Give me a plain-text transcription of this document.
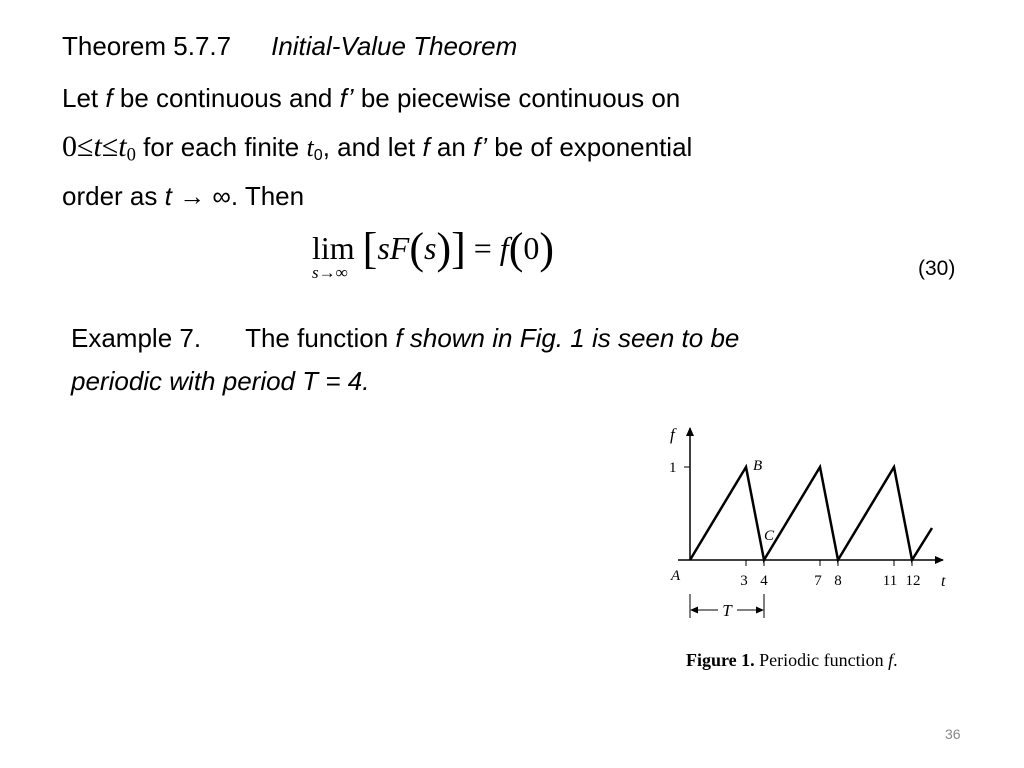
Theorem 5.7.7 Initial-Value Theorem
Let f be continuous and f’ be piecewise continuous on
$0\le t\le t_0$ for each finite $t_0$, and let f an f’ be of exponential
order as t → ∞. Then
lim
s→∞ [sF(s)] = f(0)	(30)
Example 7. The function f shown in Fig. 1 is seen to be
periodic with period T = 4.
f
1	B
C
A	t
3 4	7 8	11 12
T
Figure 1. Periodic function f.
36
